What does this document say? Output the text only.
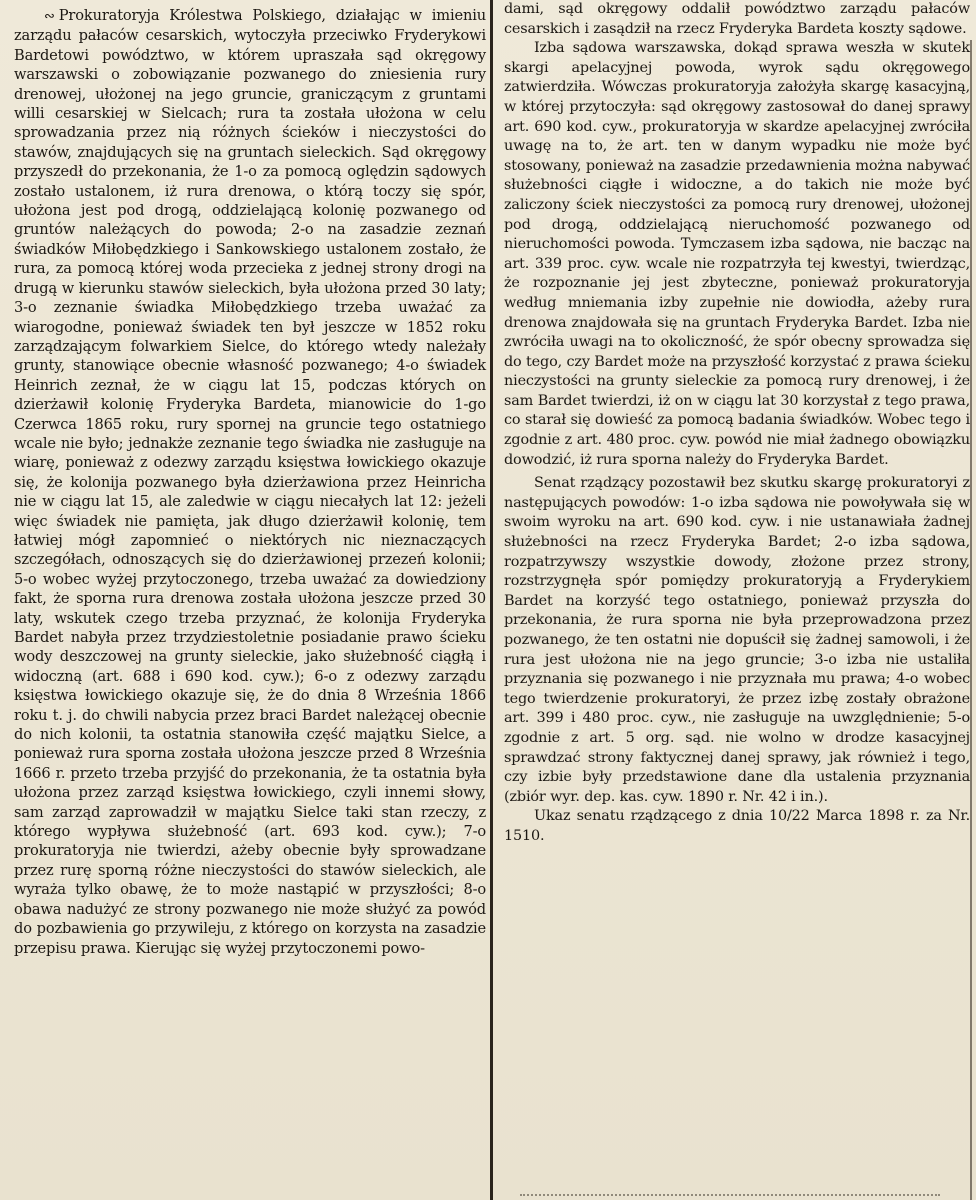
∾ Prokuratoryja Królestwa Polskiego, działając w imieniu zarządu pałaców cesarskich, wytoczyła przeciwko Fryderykowi Bardetowi powództwo, w którem upraszała sąd okręgowy warszawski o zobowiązanie pozwanego do zniesienia rury drenowej, ułożonej na jego gruncie, graniczącym z gruntami willi cesarskiej w Sielcach; rura ta została ułożona w celu sprowadzania przez nią różnych ścieków i nieczystości do stawów, znajdujących się na gruntach sieleckich. Sąd okręgowy przyszedł do przekonania, że 1-o za pomocą oględzin sądowych zostało ustalonem, iż rura drenowa, o którą toczy się spór, ułożona jest pod drogą, oddzielającą kolonię pozwanego od gruntów należących do powoda; 2-o na zasadzie zeznań świadków Miłobędzkiego i Sankowskiego ustalonem zostało, że rura, za pomocą której woda przecieka z jednej strony drogi na drugą w kierunku stawów sieleckich, była ułożona przed 30 laty; 3-o zeznanie świadka Miłobędzkiego trzeba uważać za wiarogodne, ponieważ świadek ten był jeszcze w 1852 roku zarządzającym folwarkiem Sielce, do którego wtedy należały grunty, stanowiące obecnie własność pozwanego; 4-o świadek Heinrich zeznał, że w ciągu lat 15, podczas których on dzierżawił kolonię Fryderyka Bardeta, mianowicie do 1-go Czerwca 1865 roku, rury spornej na gruncie tego ostatniego wcale nie było; jednakże zeznanie tego świadka nie zasługuje na wiarę, ponieważ z odezwy zarządu księstwa łowickiego okazuje się, że kolonija pozwanego była dzierżawiona przez Heinricha nie w ciągu lat 15, ale zaledwie w ciągu niecałych lat 12: jeżeli więc świadek nie pamięta, jak długo dzierżawił kolonię, tem łatwiej mógł zapomnieć o niektórych nic nieznaczących szczegółach, odnoszących się do dzierżawionej przezeń kolonii; 5-o wobec wyżej przytoczonego, trzeba uważać za dowiedziony fakt, że sporna rura drenowa została ułożona jeszcze przed 30 laty, wskutek czego trzeba przyznać, że kolonija Fryderyka Bardet nabyła przez trzydziestoletnie posiadanie prawo ścieku wody deszczowej na grunty sieleckie, jako służebność ciągłą i widoczną (art. 688 i 690 kod. cyw.); 6-o z odezwy zarządu księstwa łowickiego okazuje się, że do dnia 8 Września 1866 roku t. j. do chwili nabycia przez braci Bardet należącej obecnie do nich kolonii, ta ostatnia stanowiła część majątku Sielce, a ponieważ rura sporna została ułożona jeszcze przed 8 Września 1666 r. przeto trzeba przyjść do przekonania, że ta ostatnia była ułożona przez zarząd księstwa łowickiego, czyli innemi słowy, sam zarząd zaprowadził w majątku Sielce taki stan rzeczy, z którego wypływa służebność (art. 693 kod. cyw.); 7-o prokuratoryja nie twierdzi, ażeby obecnie były sprowadzane przez rurę sporną różne nieczystości do stawów sieleckich, ale wyraża tylko obawę, że to może nastąpić w przyszłości; 8-o obawa nadużyć ze strony pozwanego nie może służyć za powód do pozbawienia go przywileju, z którego on korzysta na zasadzie przepisu prawa. Kierując się wyżej przytoczonemi powo-

dami, sąd okręgowy oddalił powództwo zarządu pałaców cesarskich i zasądził na rzecz Fryderyka Bardeta koszty sądowe.

Izba sądowa warszawska, dokąd sprawa weszła w skutek skargi apelacyjnej powoda, wyrok sądu okręgowego zatwierdziła. Wówczas prokuratoryja założyła skargę kasacyjną, w której przytoczyła: sąd okręgowy zastosował do danej sprawy art. 690 kod. cyw., prokuratoryja w skardze apelacyjnej zwróciła uwagę na to, że art. ten w danym wypadku nie może być stosowany, ponieważ na zasadzie przedawnienia można nabywać służebności ciągłe i widoczne, a do takich nie może być zaliczony ściek nieczystości za pomocą rury drenowej, ułożonej pod drogą, oddzielającą nieruchomość pozwanego od nieruchomości powoda. Tymczasem izba sądowa, nie bacząc na art. 339 proc. cyw. wcale nie rozpatrzyła tej kwestyi, twierdząc, że rozpoznanie jej jest zbyteczne, ponieważ prokuratoryja według mniemania izby zupełnie nie dowiodła, ażeby rura drenowa znajdowała się na gruntach Fryderyka Bardet. Izba nie zwróciła uwagi na to okoliczność, że spór obecny sprowadza się do tego, czy Bardet może na przyszłość korzystać z prawa ścieku nieczystości na grunty sieleckie za pomocą rury drenowej, i że sam Bardet twierdzi, iż on w ciągu lat 30 korzystał z tego prawa, co starał się dowieść za pomocą badania świadków. Wobec tego i zgodnie z art. 480 proc. cyw. powód nie miał żadnego obowiązku dowodzić, iż rura sporna należy do Fryderyka Bardet.

Senat rządzący pozostawił bez skutku skargę prokuratoryi z następujących powodów: 1-o izba sądowa nie powoływała się w swoim wyroku na art. 690 kod. cyw. i nie ustanawiała żadnej służebności na rzecz Fryderyka Bardet; 2-o izba sądowa, rozpatrzywszy wszystkie dowody, złożone przez strony, rozstrzygnęła spór pomiędzy prokuratoryją a Fryderykiem Bardet na korzyść tego ostatniego, ponieważ przyszła do przekonania, że rura sporna nie była przeprowadzona przez pozwanego, że ten ostatni nie dopuścił się żadnej samowoli, i że rura jest ułożona nie na jego gruncie; 3-o izba nie ustaliła przyznania się pozwanego i nie przyznała mu prawa; 4-o wobec tego twierdzenie prokuratoryi, że przez izbę zostały obrażone art. 399 i 480 proc. cyw., nie zasługuje na uwzględnienie; 5-o zgodnie z art. 5 org. sąd. nie wolno w drodze kasacyjnej sprawdzać strony faktycznej danej sprawy, jak również i tego, czy izbie były przedstawione dane dla ustalenia przyznania (zbiór wyr. dep. kas. cyw. 1890 r. Nr. 42 i in.).

Ukaz senatu rządzącego z dnia 10/22 Marca 1898 r. za Nr. 1510.
